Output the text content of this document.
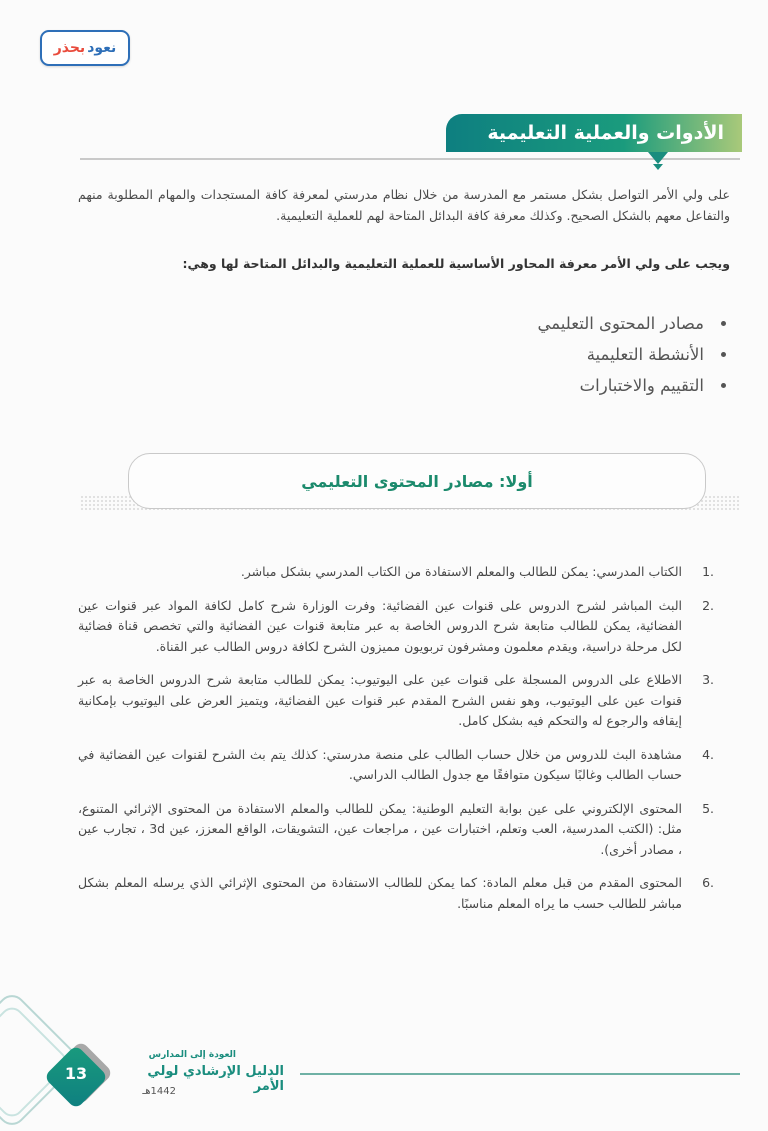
بحذر نعود
الأدوات والعملية التعليمية
على ولي الأمر التواصل بشكل مستمر مع المدرسة من خلال نظام مدرستي لمعرفة كافة المستجدات والمهام المطلوبة منهم والتفاعل معهم بالشكل الصحيح. وكذلك معرفة كافة البدائل المتاحة لهم للعملية التعليمية.
ويجب على ولي الأمر معرفة المحاور الأساسية للعملية التعليمية والبدائل المتاحة لها وهي:
مصادر المحتوى التعليمي
الأنشطة التعليمية
التقييم والاختبارات
أولا: مصادر المحتوى التعليمي
1.
الكتاب المدرسي: يمكن للطالب والمعلم الاستفادة من الكتاب المدرسي بشكل مباشر.
2.
البث المباشر لشرح الدروس على قنوات عين الفضائية: وفرت الوزارة شرح كامل لكافة المواد عبر قنوات عين الفضائية، يمكن للطالب متابعة شرح الدروس الخاصة به عبر متابعة قنوات عين الفضائية والتي تخصص قناة فضائية لكل مرحلة دراسية، ويقدم معلمون ومشرفون تربويون مميزون الشرح لكافة دروس الطالب عبر القناة.
3.
الاطلاع على الدروس المسجلة على قنوات عين على اليوتيوب: يمكن للطالب متابعة شرح الدروس الخاصة به عبر قنوات عين على اليوتيوب، وهو نفس الشرح المقدم عبر قنوات عين الفضائية، ويتميز العرض على اليوتيوب بإمكانية إيقافه والرجوع له والتحكم فيه بشكل كامل.
4.
مشاهدة البث للدروس من خلال حساب الطالب على منصة مدرستي: كذلك يتم بث الشرح لقنوات عين الفضائية في حساب الطالب وغالبًا سيكون متوافقًا مع جدول الطالب الدراسي.
5.
المحتوى الإلكتروني على عين بوابة التعليم الوطنية: يمكن للطالب والمعلم الاستفادة من المحتوى الإثرائي المتنوع، مثل: (الكتب المدرسية، العب وتعلم، اختبارات عين ، مراجعات عين، التشويقات، الواقع المعزز، عين 3d ، تجارب عين ، مصادر أخرى).
6.
المحتوى المقدم من قبل معلم المادة: كما يمكن للطالب الاستفادة من المحتوى الإثرائي الذي يرسله المعلم بشكل مباشر للطالب حسب ما يراه المعلم مناسبًا.
13
العودة إلى المدارس
الدليل الإرشادي لولي الأمر
1442هـ
